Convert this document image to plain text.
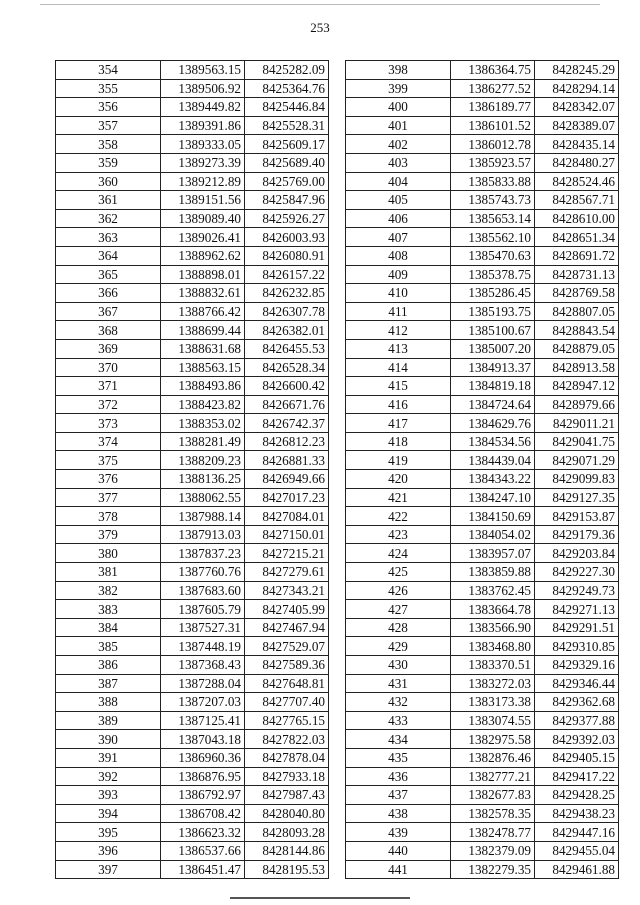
253
354	1389563.15	8425282.09
355	1389506.92	8425364.76
356	1389449.82	8425446.84
357	1389391.86	8425528.31
358	1389333.05	8425609.17
359	1389273.39	8425689.40
360	1389212.89	8425769.00
361	1389151.56	8425847.96
362	1389089.40	8425926.27
363	1389026.41	8426003.93
364	1388962.62	8426080.91
365	1388898.01	8426157.22
366	1388832.61	8426232.85
367	1388766.42	8426307.78
368	1388699.44	8426382.01
369	1388631.68	8426455.53
370	1388563.15	8426528.34
371	1388493.86	8426600.42
372	1388423.82	8426671.76
373	1388353.02	8426742.37
374	1388281.49	8426812.23
375	1388209.23	8426881.33
376	1388136.25	8426949.66
377	1388062.55	8427017.23
378	1387988.14	8427084.01
379	1387913.03	8427150.01
380	1387837.23	8427215.21
381	1387760.76	8427279.61
382	1387683.60	8427343.21
383	1387605.79	8427405.99
384	1387527.31	8427467.94
385	1387448.19	8427529.07
386	1387368.43	8427589.36
387	1387288.04	8427648.81
388	1387207.03	8427707.40
389	1387125.41	8427765.15
390	1387043.18	8427822.03
391	1386960.36	8427878.04
392	1386876.95	8427933.18
393	1386792.97	8427987.43
394	1386708.42	8428040.80
395	1386623.32	8428093.28
396	1386537.66	8428144.86
397	1386451.47	8428195.53
398	1386364.75	8428245.29
399	1386277.52	8428294.14
400	1386189.77	8428342.07
401	1386101.52	8428389.07
402	1386012.78	8428435.14
403	1385923.57	8428480.27
404	1385833.88	8428524.46
405	1385743.73	8428567.71
406	1385653.14	8428610.00
407	1385562.10	8428651.34
408	1385470.63	8428691.72
409	1385378.75	8428731.13
410	1385286.45	8428769.58
411	1385193.75	8428807.05
412	1385100.67	8428843.54
413	1385007.20	8428879.05
414	1384913.37	8428913.58
415	1384819.18	8428947.12
416	1384724.64	8428979.66
417	1384629.76	8429011.21
418	1384534.56	8429041.75
419	1384439.04	8429071.29
420	1384343.22	8429099.83
421	1384247.10	8429127.35
422	1384150.69	8429153.87
423	1384054.02	8429179.36
424	1383957.07	8429203.84
425	1383859.88	8429227.30
426	1383762.45	8429249.73
427	1383664.78	8429271.13
428	1383566.90	8429291.51
429	1383468.80	8429310.85
430	1383370.51	8429329.16
431	1383272.03	8429346.44
432	1383173.38	8429362.68
433	1383074.55	8429377.88
434	1382975.58	8429392.03
435	1382876.46	8429405.15
436	1382777.21	8429417.22
437	1382677.83	8429428.25
438	1382578.35	8429438.23
439	1382478.77	8429447.16
440	1382379.09	8429455.04
441	1382279.35	8429461.88
